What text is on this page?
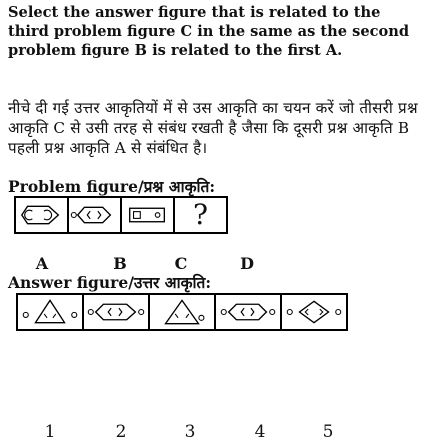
Select the answer figure that is related to the third problem figure C in the same as the second problem figure B is related to the first A.

नीचे दी गई उत्तर आकृतियों में से उस आकृति का चयन करें जो तीसरी प्रश्न आकृति C से उसी तरह से संबंध रखती है जैसा कि दूसरी प्रश्न आकृति B पहली प्रश्न आकृति A से संबंधित है।

Problem figure/प्रश्न आकृति:

?
A	B	C	D

Answer figure/उत्तर आकृति:

1	2	3	4	5
